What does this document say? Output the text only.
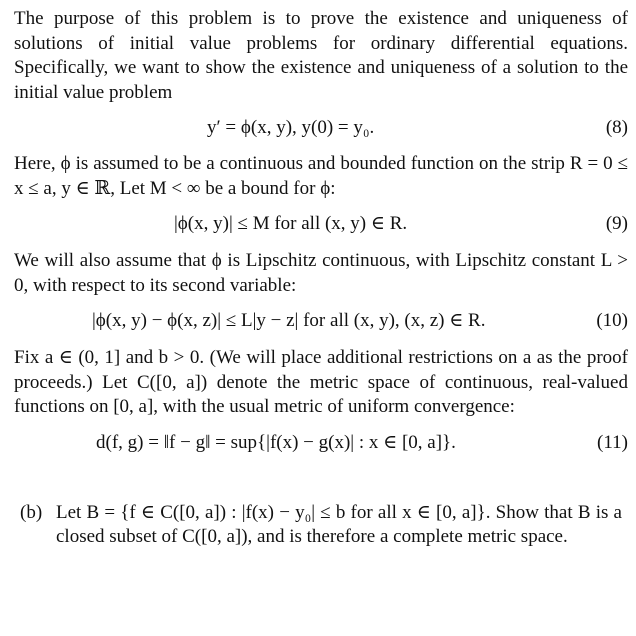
The purpose of this problem is to prove the existence and uniqueness of solutions of initial value problems for ordinary differential equations. Specifically, we want to show the existence and uniqueness of a solution to the initial value problem

y′ = ϕ(x, y), y(0) = y₀.	(8)

Here, ϕ is assumed to be a continuous and bounded function on the strip R = 0 ≤ x ≤ a, y ∈ ℝ, Let M < ∞ be a bound for ϕ:

|ϕ(x, y)| ≤ M for all (x, y) ∈ R.	(9)

We will also assume that ϕ is Lipschitz continuous, with Lipschitz constant L > 0, with respect to its second variable:

|ϕ(x, y) − ϕ(x, z)| ≤ L|y − z| for all (x, y), (x, z) ∈ R.	(10)

Fix a ∈ (0, 1] and b > 0. (We will place additional restrictions on a as the proof proceeds.) Let C([0, a]) denote the metric space of continuous, real-valued functions on [0, a], with the usual metric of uniform convergence:

d(f, g) = ‖f − g‖ = sup{|f(x) − g(x)| : x ∈ [0, a]}.	(11)
(b) Let B = {f ∈ C([0, a]) : |f(x) − y₀| ≤ b for all x ∈ [0, a]}. Show that B is a closed subset of C([0, a]), and is therefore a complete metric space.
